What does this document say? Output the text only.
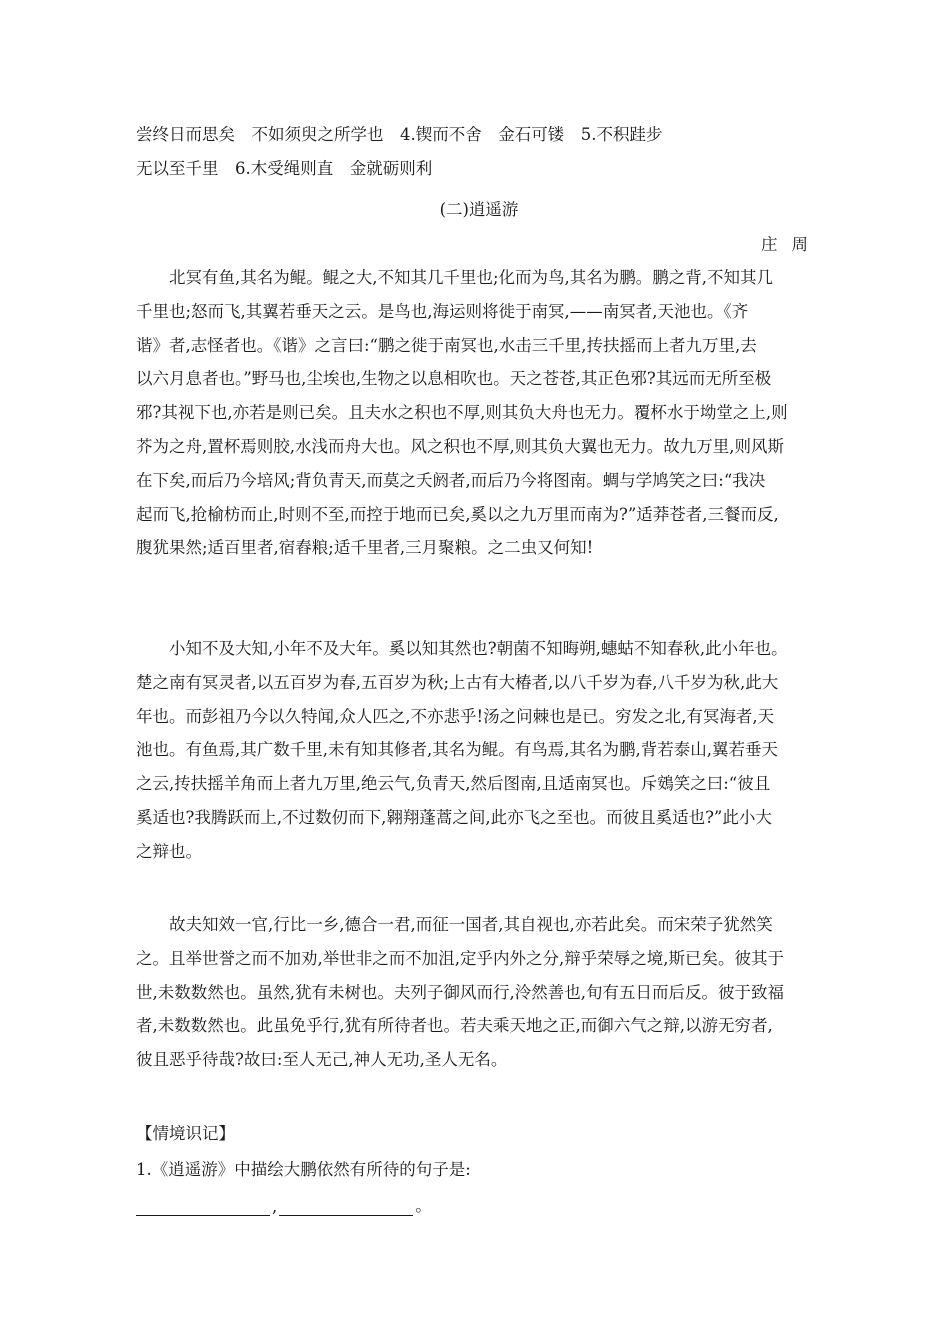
尝终日而思矣　不如须臾之所学也　4.锲而不舍　金石可镂　5.不积跬步
无以至千里　6.木受绳则直　金就砺则利
(二)逍遥游
庄周
　　北冥有鱼,其名为鲲。鲲之大,不知其几千里也;化而为鸟,其名为鹏。鹏之背,不知其几
千里也;怒而飞,其翼若垂天之云。是鸟也,海运则将徙于南冥,——南冥者,天池也。《齐
谐》者,志怪者也。《谐》之言曰:“鹏之徙于南冥也,水击三千里,抟扶摇而上者九万里,去
以六月息者也。”野马也,尘埃也,生物之以息相吹也。天之苍苍,其正色邪?其远而无所至极
邪?其视下也,亦若是则已矣。且夫水之积也不厚,则其负大舟也无力。覆杯水于坳堂之上,则
芥为之舟,置杯焉则胶,水浅而舟大也。风之积也不厚,则其负大翼也无力。故九万里,则风斯
在下矣,而后乃今培风;背负青天,而莫之夭阏者,而后乃今将图南。蜩与学鸠笑之曰:“我决
起而飞,抢榆枋而止,时则不至,而控于地而已矣,奚以之九万里而南为?”适莽苍者,三餐而反,
腹犹果然;适百里者,宿舂粮;适千里者,三月聚粮。之二虫又何知!
　　小知不及大知,小年不及大年。奚以知其然也?朝菌不知晦朔,蟪蛄不知春秋,此小年也。
楚之南有冥灵者,以五百岁为春,五百岁为秋;上古有大椿者,以八千岁为春,八千岁为秋,此大
年也。而彭祖乃今以久特闻,众人匹之,不亦悲乎!汤之问棘也是已。穷发之北,有冥海者,天
池也。有鱼焉,其广数千里,未有知其修者,其名为鲲。有鸟焉,其名为鹏,背若泰山,翼若垂天
之云,抟扶摇羊角而上者九万里,绝云气,负青天,然后图南,且适南冥也。斥鴳笑之曰:“彼且
奚适也?我腾跃而上,不过数仞而下,翱翔蓬蒿之间,此亦飞之至也。而彼且奚适也?”此小大
之辩也。
　　故夫知效一官,行比一乡,德合一君,而征一国者,其自视也,亦若此矣。而宋荣子犹然笑
之。且举世誉之而不加劝,举世非之而不加沮,定乎内外之分,辩乎荣辱之境,斯已矣。彼其于
世,未数数然也。虽然,犹有未树也。夫列子御风而行,泠然善也,旬有五日而后反。彼于致福
者,未数数然也。此虽免乎行,犹有所待者也。若夫乘天地之正,而御六气之辩,以游无穷者,
彼且恶乎待哉?故曰:至人无己,神人无功,圣人无名。
【情境识记】
1.《逍遥游》中描绘大鹏依然有所待的句子是:
,	。
